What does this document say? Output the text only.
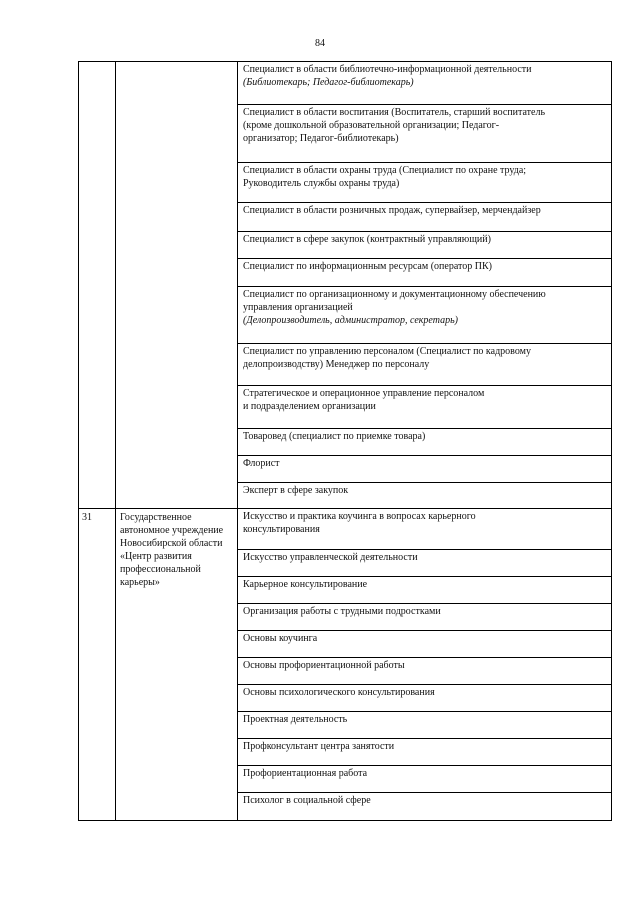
84
Специалист в области библиотечно-информационной деятельности
(Библиотекарь; Педагог-библиотекарь)
Специалист в области воспитания (Воспитатель, старший воспитатель
(кроме дошкольной образовательной организации; Педагог-
организатор; Педагог-библиотекарь)
Специалист в области охраны труда (Специалист по охране труда;
Руководитель службы охраны труда)
Специалист в области розничных продаж, супервайзер, мерчендайзер
Специалист в сфере закупок (контрактный управляющий)
Специалист по информационным ресурсам (оператор ПК)
Специалист по организационному и документационному обеспечению
управления организацией
(Делопроизводитель, администратор, секретарь)
Специалист по управлению персоналом (Специалист по кадровому
делопроизводству) Менеджер по персоналу
Стратегическое и операционное управление персоналом
и подразделением организации
Товаровед (специалист по приемке товара)
Флорист
Эксперт в сфере закупок
31	Государственное автономное учреждение Новосибирской области «Центр развития профессиональной карьеры»
Искусство и практика коучинга в вопросах карьерного
консультирования
Искусство управленческой деятельности
Карьерное консультирование
Организация работы с трудными подростками
Основы коучинга
Основы профориентационной работы
Основы психологического консультирования
Проектная деятельность
Профконсультант центра занятости
Профориентационная работа
Психолог в социальной сфере
